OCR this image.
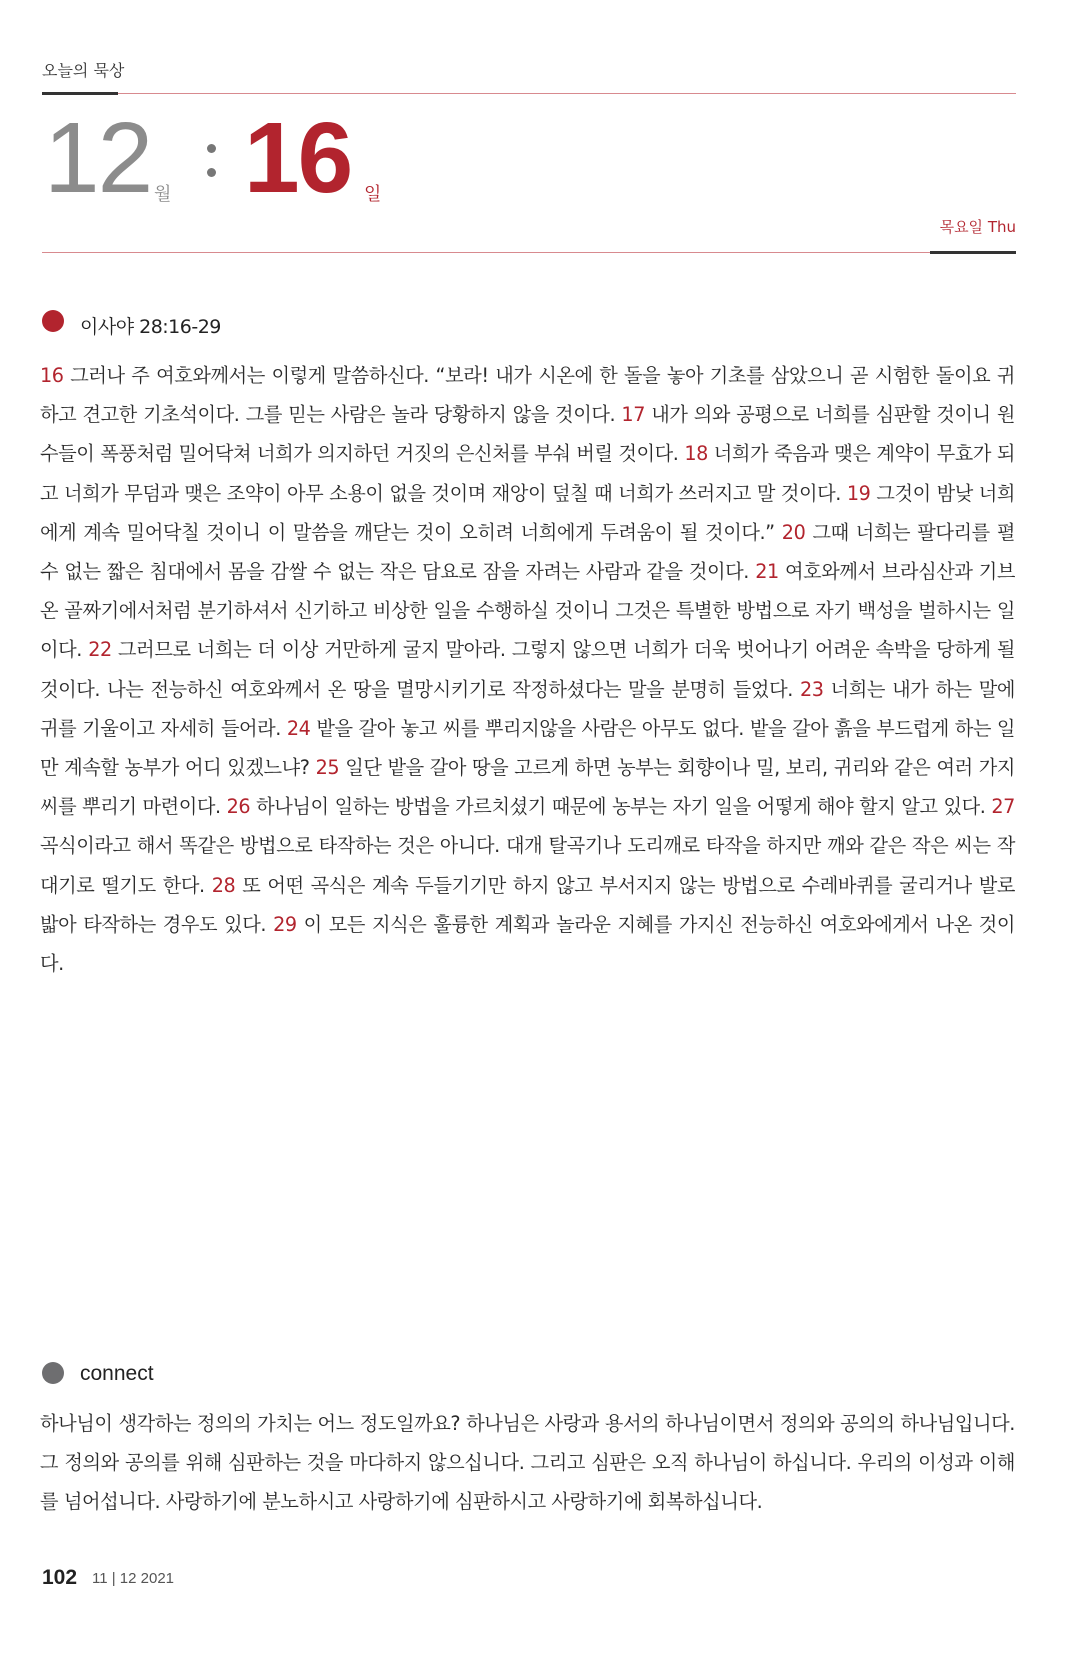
오늘의 묵상
12 월 16 일
목요일 Thu
이사야 28:16-29
16 그러나 주 여호와께서는 이렇게 말씀하신다. “보라! 내가 시온에 한 돌을 놓아 기초를 삼았으니 곧 시험한 돌이요 귀하고 견고한 기초석이다. 그를 믿는 사람은 놀라 당황하지 않을 것이다. 17 내가 의와 공평으로 너희를 심판할 것이니 원수들이 폭풍처럼 밀어닥쳐 너희가 의지하던 거짓의 은신처를 부숴 버릴 것이다. 18 너희가 죽음과 맺은 계약이 무효가 되고 너희가 무덤과 맺은 조약이 아무 소용이 없을 것이며 재앙이 덮칠 때 너희가 쓰러지고 말 것이다. 19 그것이 밤낮 너희에게 계속 밀어닥칠 것이니 이 말씀을 깨닫는 것이 오히려 너희에게 두려움이 될 것이다.” 20 그때 너희는 팔다리를 펼 수 없는 짧은 침대에서 몸을 감쌀 수 없는 작은 담요로 잠을 자려는 사람과 같을 것이다. 21 여호와께서 브라심산과 기브온 골짜기에서처럼 분기하셔서 신기하고 비상한 일을 수행하실 것이니 그것은 특별한 방법으로 자기 백성을 벌하시는 일이다. 22 그러므로 너희는 더 이상 거만하게 굴지 말아라. 그렇지 않으면 너희가 더욱 벗어나기 어려운 속박을 당하게 될 것이다. 나는 전능하신 여호와께서 온 땅을 멸망시키기로 작정하셨다는 말을 분명히 들었다. 23 너희는 내가 하는 말에 귀를 기울이고 자세히 들어라. 24 밭을 갈아 놓고 씨를 뿌리지않을 사람은 아무도 없다. 밭을 갈아 흙을 부드럽게 하는 일만 계속할 농부가 어디 있겠느냐? 25 일단 밭을 갈아 땅을 고르게 하면 농부는 회향이나 밀, 보리, 귀리와 같은 여러 가지 씨를 뿌리기 마련이다. 26 하나님이 일하는 방법을 가르치셨기 때문에 농부는 자기 일을 어떻게 해야 할지 알고 있다. 27 곡식이라고 해서 똑같은 방법으로 타작하는 것은 아니다. 대개 탈곡기나 도리깨로 타작을 하지만 깨와 같은 작은 씨는 작대기로 떨기도 한다. 28 또 어떤 곡식은 계속 두들기기만 하지 않고 부서지지 않는 방법으로 수레바퀴를 굴리거나 발로 밟아 타작하는 경우도 있다. 29 이 모든 지식은 훌륭한 계획과 놀라운 지혜를 가지신 전능하신 여호와에게서 나온 것이다.
connect
하나님이 생각하는 정의의 가치는 어느 정도일까요? 하나님은 사랑과 용서의 하나님이면서 정의와 공의의 하나님입니다. 그 정의와 공의를 위해 심판하는 것을 마다하지 않으십니다. 그리고 심판은 오직 하나님이 하십니다. 우리의 이성과 이해를 넘어섭니다. 사랑하기에 분노하시고 사랑하기에 심판하시고 사랑하기에 회복하십니다.
102 11 | 12 2021
